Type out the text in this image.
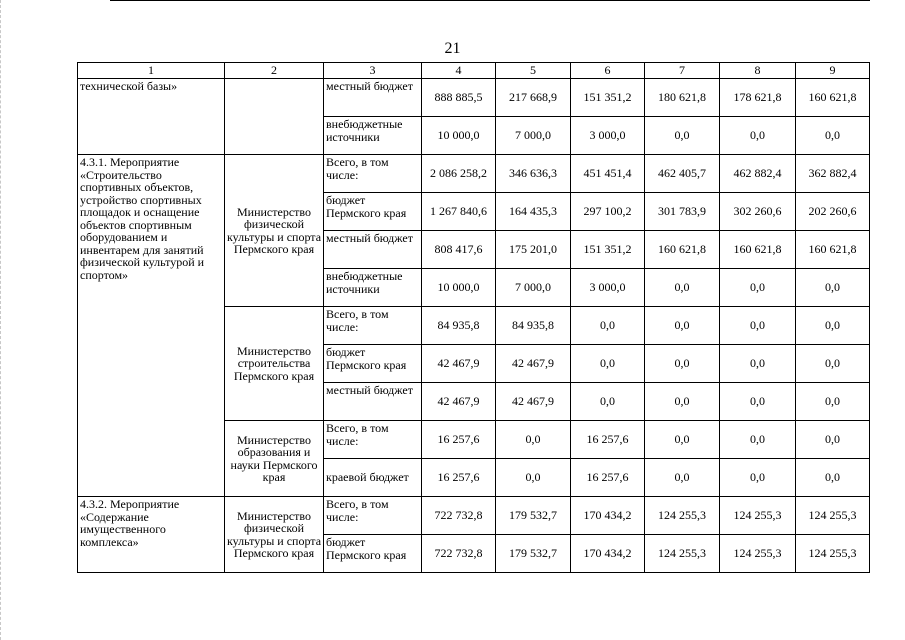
21
1	2	3	4	5	6	7	8	9
технической базы»		местный бюджет	888 885,5	217 668,9	151 351,2	180 621,8	178 621,8	160 621,8
		внебюджетные источники	10 000,0	7 000,0	3 000,0	0,0	0,0	0,0
4.3.1. Мероприятие «Строительство спортивных объектов, устройство спортивных площадок и оснащение объектов спортивным оборудованием и инвентарем для занятий физической культурой и спортом»	Министерство физической культуры и спорта Пермского края	Всего, в том числе:	2 086 258,2	346 636,3	451 451,4	462 405,7	462 882,4	362 882,4
		бюджет Пермского края	1 267 840,6	164 435,3	297 100,2	301 783,9	302 260,6	202 260,6
		местный бюджет	808 417,6	175 201,0	151 351,2	160 621,8	160 621,8	160 621,8
		внебюджетные источники	10 000,0	7 000,0	3 000,0	0,0	0,0	0,0
	Министерство строительства Пермского края	Всего, в том числе:	84 935,8	84 935,8	0,0	0,0	0,0	0,0
		бюджет Пермского края	42 467,9	42 467,9	0,0	0,0	0,0	0,0
		местный бюджет	42 467,9	42 467,9	0,0	0,0	0,0	0,0
	Министерство образования и науки Пермского края	Всего, в том числе:	16 257,6	0,0	16 257,6	0,0	0,0	0,0
		краевой бюджет	16 257,6	0,0	16 257,6	0,0	0,0	0,0
4.3.2. Мероприятие «Содержание имущественного комплекса»	Министерство физической культуры и спорта Пермского края	Всего, в том числе:	722 732,8	179 532,7	170 434,2	124 255,3	124 255,3	124 255,3
		бюджет Пермского края	722 732,8	179 532,7	170 434,2	124 255,3	124 255,3	124 255,3
